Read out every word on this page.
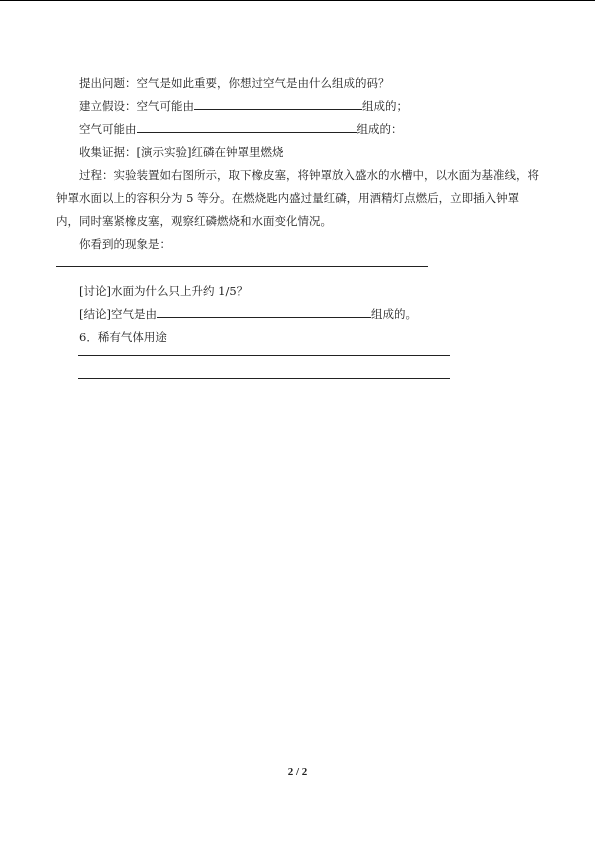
提出问题：空气是如此重要，你想过空气是由什么组成的码？
建立假设：空气可能由	组成的；
空气可能由	组成的：
收集证据：[演示实验]红磷在钟罩里燃烧
过程：实验装置如右图所示，取下橡皮塞，将钟罩放入盛水的水槽中，以水面为基准线，将钟罩水面以上的容积分为 5 等分。在燃烧匙内盛过量红磷，用酒精灯点燃后，立即插入钟罩内，同时塞紧橡皮塞，观察红磷燃烧和水面变化情况。
你看到的现象是：
[讨论]水面为什么只上升约 1/5？
[结论]空气是由	组成的。
6．稀有气体用途
2 / 2
